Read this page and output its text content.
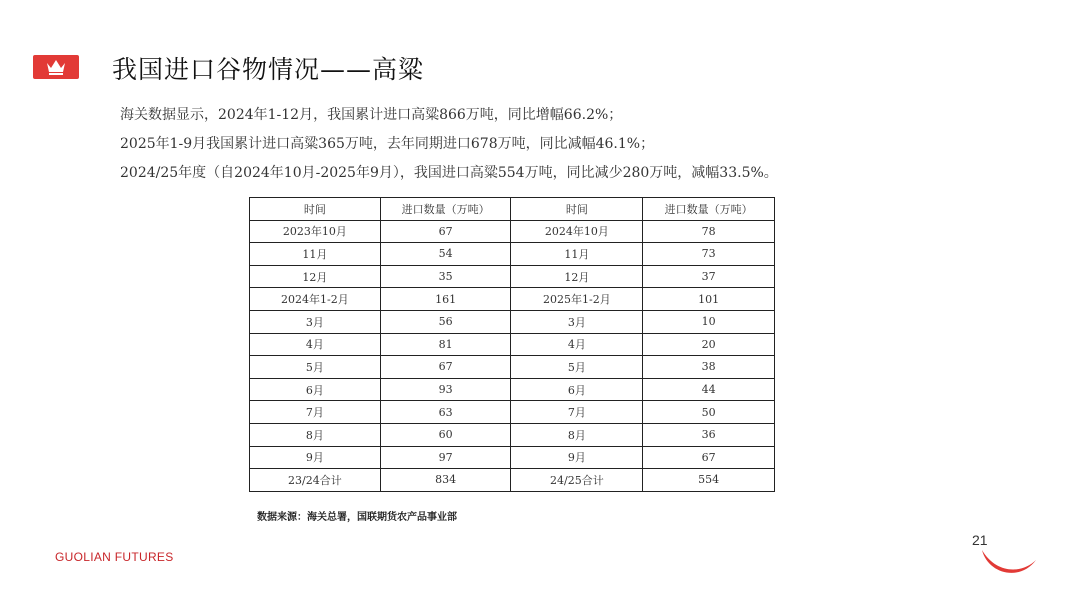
我国进口谷物情况——高粱
海关数据显示，2024年1-12月，我国累计进口高粱866万吨，同比增幅66.2%；
2025年1-9月我国累计进口高粱365万吨，去年同期进口678万吨，同比减幅46.1%；
2024/25年度（自2024年10月-2025年9月），我国进口高粱554万吨，同比减少280万吨，减幅33.5%。
时间	进口数量（万吨）	时间	进口数量（万吨）
2023年10月	67	2024年10月	78
11月	54	11月	73
12月	35	12月	37
2024年1-2月	161	2025年1-2月	101
3月	56	3月	10
4月	81	4月	20
5月	67	5月	38
6月	93	6月	44
7月	63	7月	50
8月	60	8月	36
9月	97	9月	67
23/24合计	834	24/25合计	554
数据来源：海关总署，国联期货农产品事业部
GUOLIAN FUTURES
21
